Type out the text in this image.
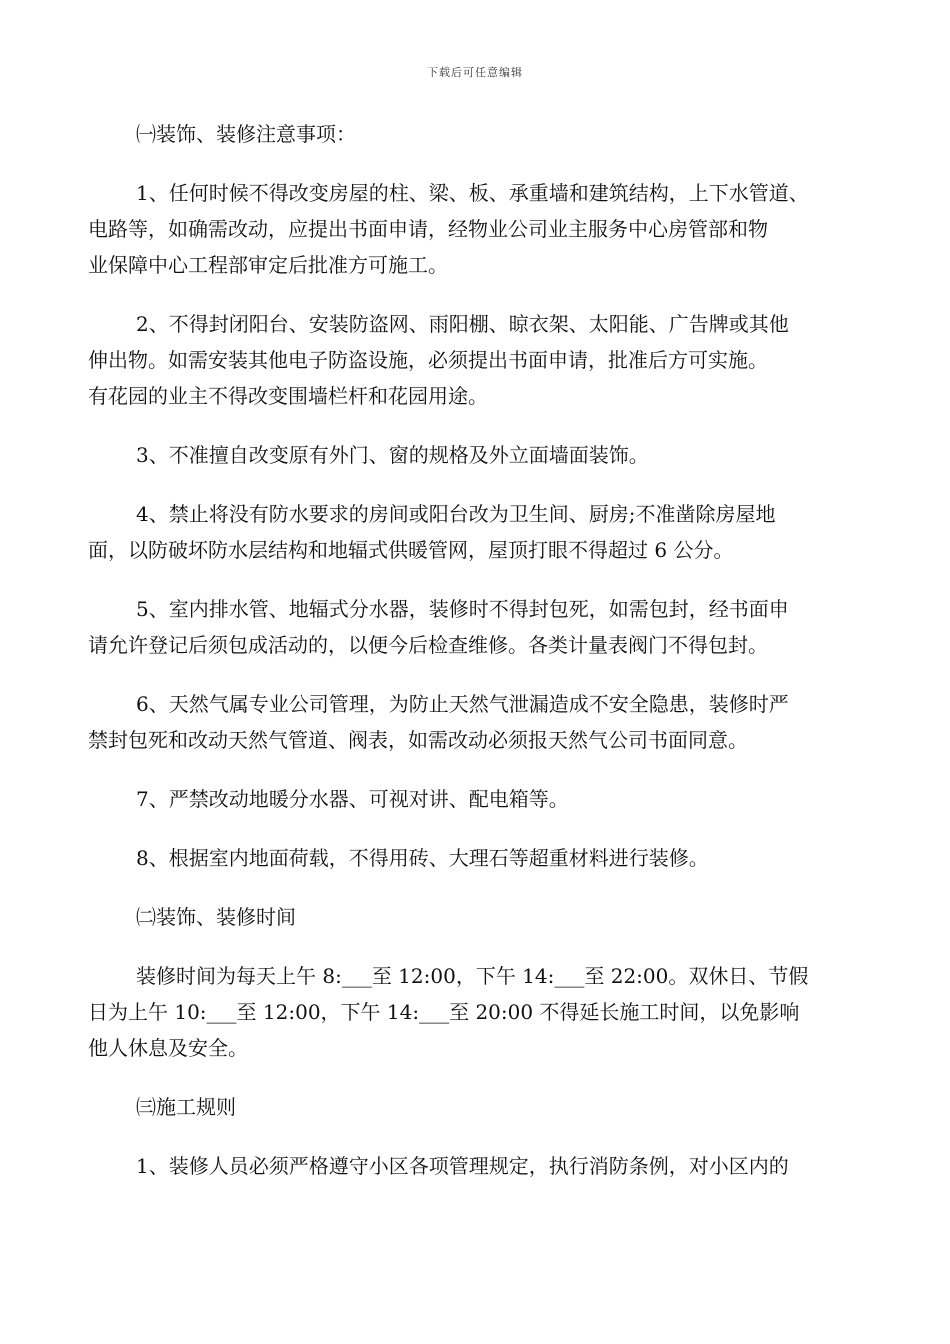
下载后可任意编辑
㈠装饰、装修注意事项：
1、任何时候不得改变房屋的柱、梁、板、承重墙和建筑结构，上下水管道、
电路等，如确需改动，应提出书面申请，经物业公司业主服务中心房管部和物
业保障中心工程部审定后批准方可施工。
2、不得封闭阳台、安装防盗网、雨阳棚、晾衣架、太阳能、广告牌或其他
伸出物。如需安装其他电子防盗设施，必须提出书面申请，批准后方可实施。
有花园的业主不得改变围墙栏杆和花园用途。
3、不准擅自改变原有外门、窗的规格及外立面墙面装饰。
4、禁止将没有防水要求的房间或阳台改为卫生间、厨房;不准凿除房屋地
面，以防破坏防水层结构和地辐式供暖管网，屋顶打眼不得超过 6 公分。
5、室内排水管、地辐式分水器，装修时不得封包死，如需包封，经书面申
请允许登记后须包成活动的，以便今后检查维修。各类计量表阀门不得包封。
6、天然气属专业公司管理，为防止天然气泄漏造成不安全隐患，装修时严
禁封包死和改动天然气管道、阀表，如需改动必须报天然气公司书面同意。
7、严禁改动地暖分水器、可视对讲、配电箱等。
8、根据室内地面荷载，不得用砖、大理石等超重材料进行装修。
㈡装饰、装修时间
装修时间为每天上午 8:___至 12:00，下午 14:___至 22:00。双休日、节假
日为上午 10:___至 12:00，下午 14:___至 20:00 不得延长施工时间，以免影响
他人休息及安全。
㈢施工规则
1、装修人员必须严格遵守小区各项管理规定，执行消防条例，对小区内的
